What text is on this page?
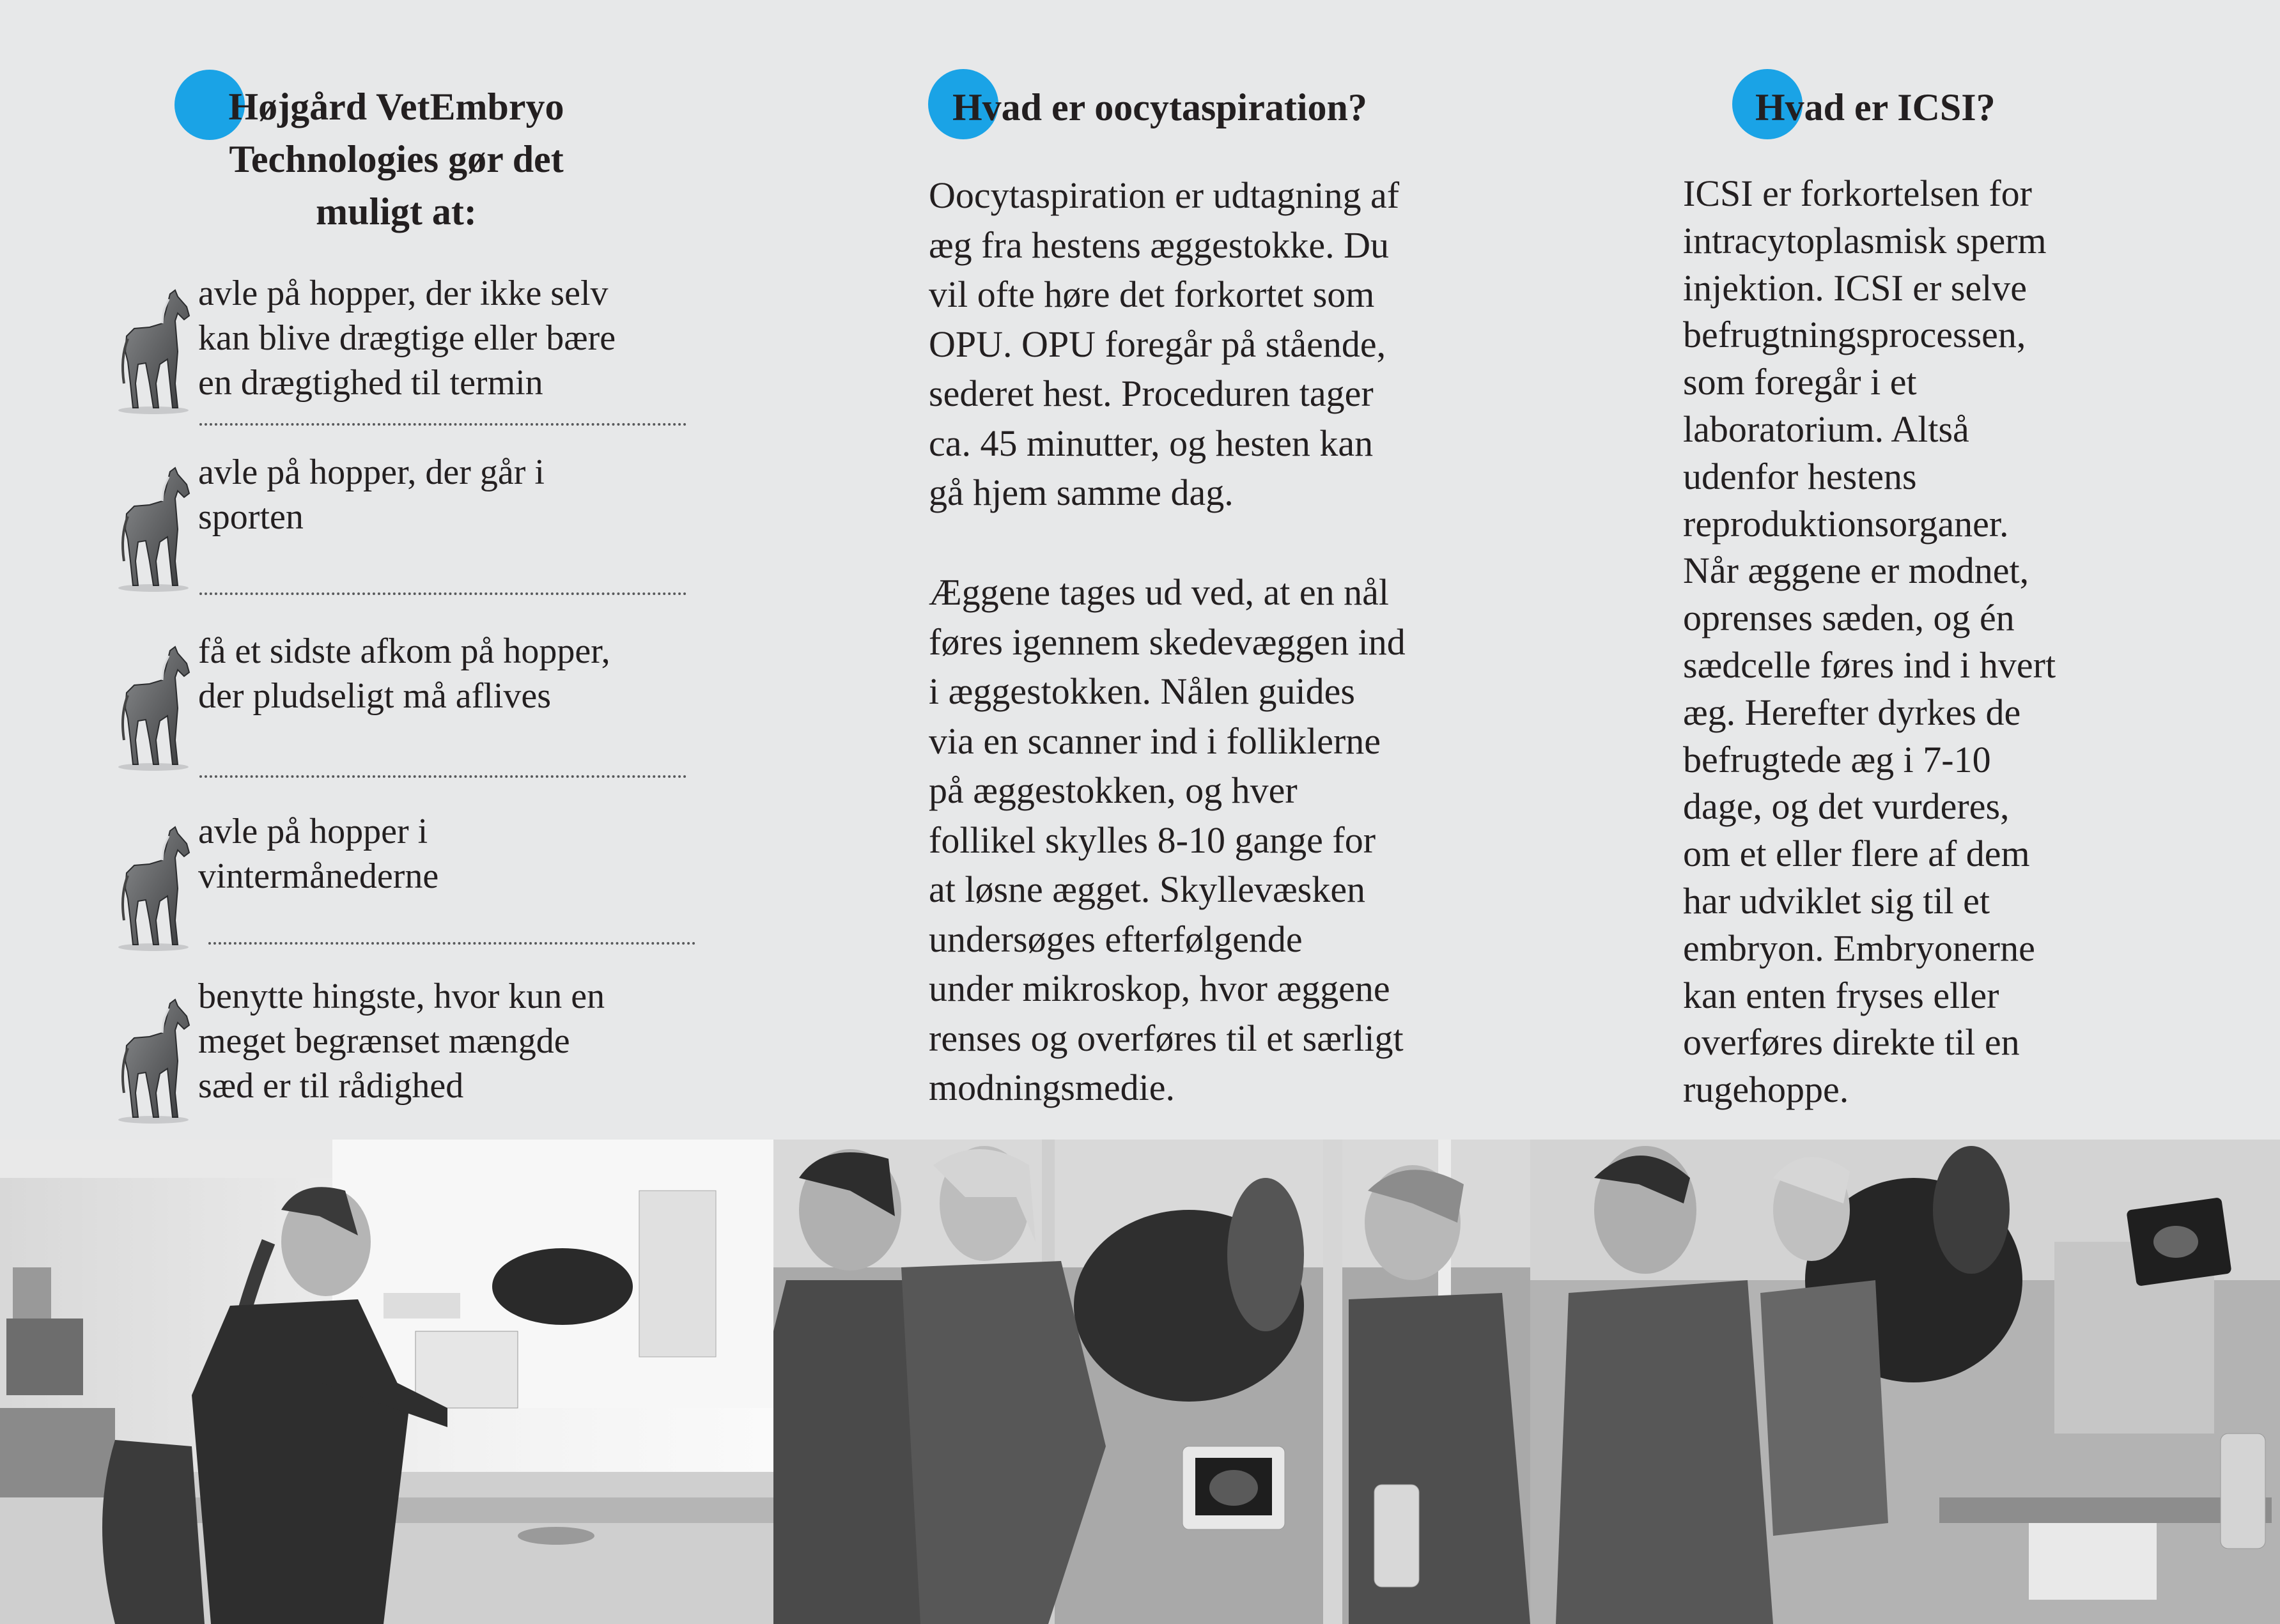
Højgård VetEmbryo
Technologies gør det
muligt at:

avle på hopper, der ikke selv
kan blive drægtige eller bære
en drægtighed til termin

avle på hopper, der går i
sporten

få et sidste afkom på hopper,
der pludseligt må aflives

avle på hopper i
vintermånederne

benytte hingste, hvor kun en
meget begrænset mængde
sæd er til rådighed

Hvad er oocytaspiration?

Oocytaspiration er udtagning af
æg fra hestens æggestokke. Du
vil ofte høre det forkortet som
OPU. OPU foregår på stående,
sederet hest. Proceduren tager
ca. 45 minutter, og hesten kan
gå hjem samme dag.

Æggene tages ud ved, at en nål
føres igennem skedevæggen ind
i æggestokken. Nålen guides
via en scanner ind i folliklerne
på æggestokken, og hver
follikel skylles 8-10 gange for
at løsne ægget. Skyllevæsken
undersøges efterfølgende
under mikroskop, hvor æggene
renses og overføres til et særligt
modningsmedie.

Hvad er ICSI?

ICSI er forkortelsen for
intracytoplasmisk sperm
injektion. ICSI er selve
befrugtningsprocessen,
som foregår i et
laboratorium. Altså
udenfor hestens
reproduktionsorganer.
Når æggene er modnet,
oprenses sæden, og én
sædcelle føres ind i hvert
æg. Herefter dyrkes de
befrugtede æg i 7-10
dage, og det vurderes,
om et eller flere af dem
har udviklet sig til et
embryon. Embryonerne
kan enten fryses eller
overføres direkte til en
rugehoppe.
